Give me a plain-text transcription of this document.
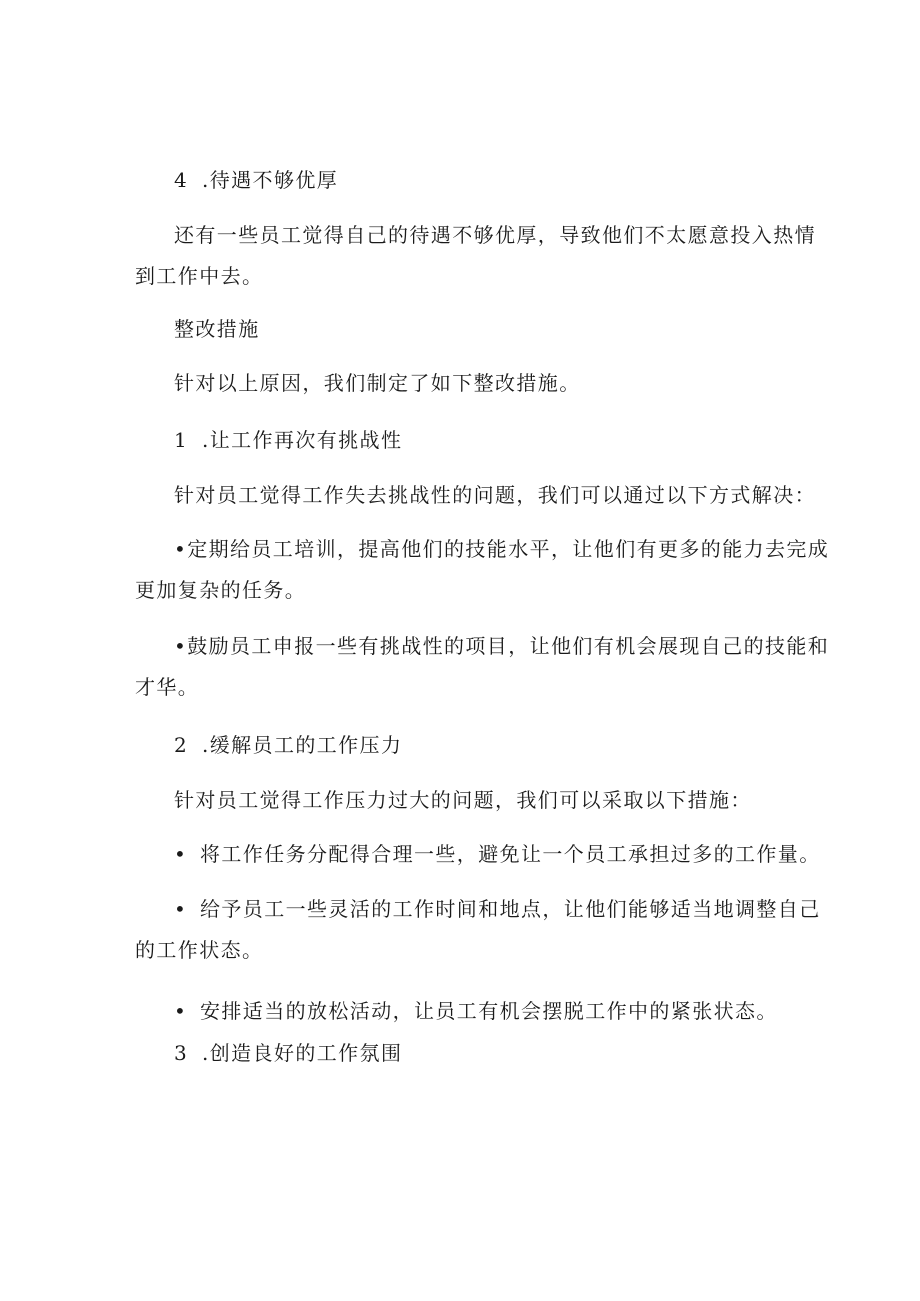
4 .待遇不够优厚
还有一些员工觉得自己的待遇不够优厚，导致他们不太愿意投入热情
到工作中去。
整改措施
针对以上原因，我们制定了如下整改措施。
1 .让工作再次有挑战性
针对员工觉得工作失去挑战性的问题，我们可以通过以下方式解决：
•定期给员工培训，提高他们的技能水平，让他们有更多的能力去完成
更加复杂的任务。
•鼓励员工申报一些有挑战性的项目，让他们有机会展现自己的技能和
才华。
2 .缓解员工的工作压力
针对员工觉得工作压力过大的问题，我们可以采取以下措施：
• 将工作任务分配得合理一些，避免让一个员工承担过多的工作量。
• 给予员工一些灵活的工作时间和地点，让他们能够适当地调整自己
的工作状态。
• 安排适当的放松活动，让员工有机会摆脱工作中的紧张状态。
3 .创造良好的工作氛围
